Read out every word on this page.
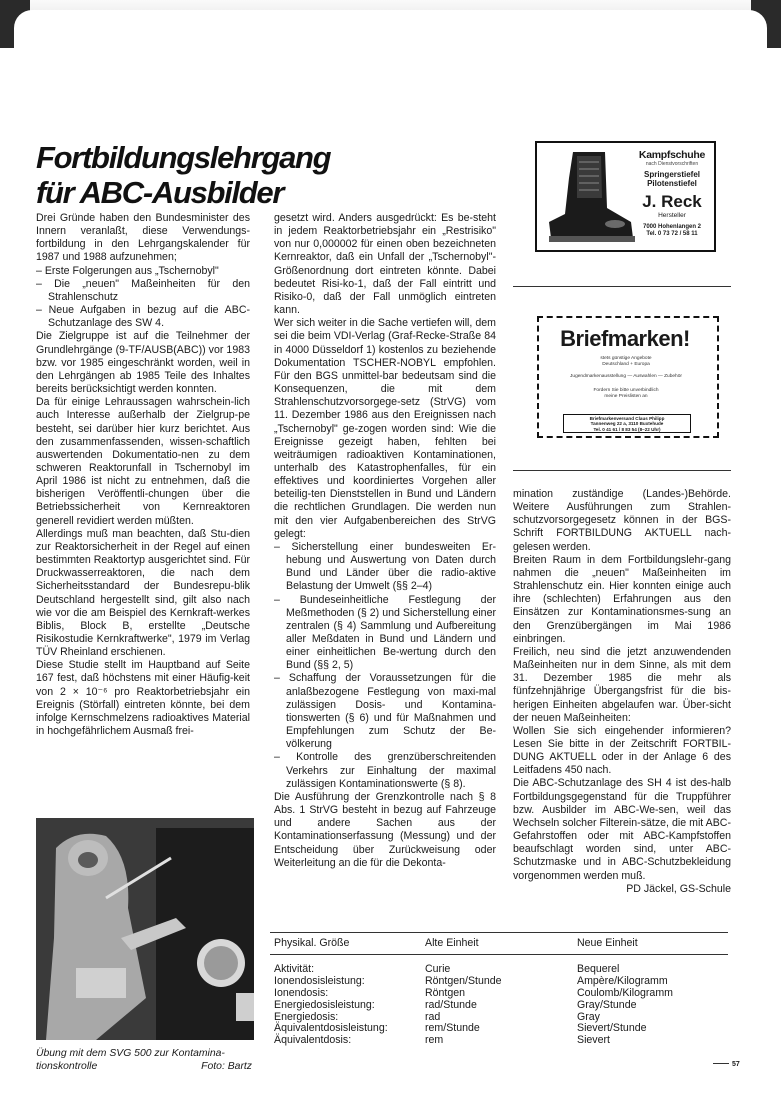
Fortbildungslehrgang
für ABC-Ausbilder

Drei Gründe haben den Bundesminister des Innern veranlaßt, diese Verwendungs-fortbildung in den Lehrgangskalender für 1987 und 1988 aufzunehmen;

– Erste Folgerungen aus „Tschernobyl"
– Die „neuen" Maßeinheiten für den Strahlenschutz
– Neue Aufgaben in bezug auf die ABC-Schutzanlage des SW 4.

Die Zielgruppe ist auf die Teilnehmer der Grundlehrgänge (9-TF/AUSB(ABC)) vor 1983 bzw. vor 1985 eingeschränkt worden, weil in den Lehrgängen ab 1985 Teile des Inhaltes bereits berücksichtigt werden konnten.

Da für einige Lehraussagen wahrschein-lich auch Interesse außerhalb der Zielgrup-pe besteht, sei darüber hier kurz berichtet. Aus den zusammenfassenden, wissen-schaftlich auswertenden Dokumentatio-nen zu dem schweren Reaktorunfall in Tschernobyl im April 1986 ist nicht zu entnehmen, daß die bisherigen Veröffentli-chungen über die Betriebssicherheit von Kernreaktoren generell revidiert werden müßten.

Allerdings muß man beachten, daß Stu-dien zur Reaktorsicherheit in der Regel auf einen bestimmten Reaktortyp ausgerichtet sind. Für Druckwasserreaktoren, die nach dem Sicherheitsstandard der Bundesrepu-blik Deutschland hergestellt sind, gilt also nach wie vor die am Beispiel des Kernkraft-werkes Biblis, Block B, erstellte „Deutsche Risikostudie Kernkraftwerke", 1979 im Verlag TÜV Rheinland erschienen.

Diese Studie stellt im Hauptband auf Seite 167 fest, daß höchstens mit einer Häufig-keit von 2 × 10⁻⁶ pro Reaktorbetriebsjahr ein Ereignis (Störfall) eintreten könnte, bei dem infolge Kernschmelzens radioaktives Material in hochgefährlichem Ausmaß frei-

gesetzt wird. Anders ausgedrückt: Es be-steht in jedem Reaktorbetriebsjahr ein „Restrisiko" von nur 0,000002 für einen oben bezeichneten Kernreaktor, daß ein Unfall der „Tschernobyl"-Größenordnung dort eintreten könnte. Dabei bedeutet Risi-ko-1, daß der Fall eintritt und Risiko-0, daß der Fall unmöglich eintreten kann.

Wer sich weiter in die Sache vertiefen will, dem sei die beim VDI-Verlag (Graf-Recke-Straße 84 in 4000 Düsseldorf 1) kostenlos zu beziehende Dokumentation TSCHER-NOBYL empfohlen. Für den BGS unmittel-bar bedeutsam sind die Konsequenzen, die mit dem Strahlenschutzvorsorgege-setz (StrVG) vom 11. Dezember 1986 aus den Ereignissen nach „Tschernobyl" ge-zogen worden sind: Wie die Ereignisse gezeigt haben, fehlten bei weiträumigen radioaktiven Kontaminationen, unterhalb des Katastrophenfalles, für ein effektives und koordiniertes Vorgehen aller beteilig-ten Dienststellen in Bund und Ländern die rechtlichen Grundlagen. Die werden nun mit den vier Aufgabenbereichen des StrVG gelegt:

– Sicherstellung einer bundesweiten Er-hebung und Auswertung von Daten durch Bund und Länder über die radio-aktive Belastung der Umwelt (§§ 2–4)
– Bundeseinheitliche Festlegung der Meßmethoden (§ 2) und Sicherstellung einer zentralen (§ 4) Sammlung und Aufbereitung aller Meßdaten in Bund und Ländern und einer einheitlichen Be-wertung durch den Bund (§§ 2, 5)
– Schaffung der Voraussetzungen für die anlaßbezogene Festlegung von maxi-mal zulässigen Dosis- und Kontamina-tionswerten (§ 6) und für Maßnahmen und Empfehlungen zum Schutz der Be-völkerung
– Kontrolle des grenzüberschreitenden Verkehrs zur Einhaltung der maximal zulässigen Kontaminationswerte (§ 8).

Die Ausführung der Grenzkontrolle nach § 8 Abs. 1 StrVG besteht in bezug auf Fahrzeuge und andere Sachen aus der Kontaminationserfassung (Messung) und der Entscheidung über Zurückweisung oder Weiterleitung an die für die Dekonta-

mination zuständige (Landes-)Behörde. Weitere Ausführungen zum Strahlen-schutzvorsorgegesetz können in der BGS-Schrift FORTBILDUNG AKTUELL nach-gelesen werden.

Breiten Raum in dem Fortbildungslehr-gang nahmen die „neuen" Maßeinheiten im Strahlenschutz ein. Hier konnten einige auch ihre (schlechten) Erfahrungen aus den Einsätzen zur Kontaminationsmes-sung an den Grenzübergängen im Mai 1986 einbringen.

Freilich, neu sind die jetzt anzuwendenden Maßeinheiten nur in dem Sinne, als mit dem 31. Dezember 1985 die mehr als fünfzehnjährige Übergangsfrist für die bis-herigen Einheiten abgelaufen war. Über-sicht der neuen Maßeinheiten:

Wollen Sie sich eingehender informieren? Lesen Sie bitte in der Zeitschrift FORTBIL-DUNG AKTUELL oder in der Anlage 6 des Leitfadens 450 nach.

Die ABC-Schutzanlage des SH 4 ist des-halb Fortbildungsgegenstand für die Truppführer bzw. Ausbilder im ABC-We-sen, weil das Wechseln solcher Filterein-sätze, die mit ABC-Gefahrstoffen oder mit ABC-Kampfstoffen beaufschlagt worden sind, unter ABC-Schutzmaske und in ABC-Schutzbekleidung vorgenommen werden muß.
PD Jäckel, GS-Schule

Kampfschuhe
nach Dienstvorschriften
Springerstiefel
Pilotenstiefel
J. Reck
Hersteller
7000 Hohenlangen 2
Tel. 0 73 72 / 58 11
Briefmarken!
stets günstige Angebote
Deutschland + Europa
Jugendmarkenausstellung — Auswahlen — Zubehör
Fordern Sie bitte unverbindlich
meine Preislisten an
Briefmarkenversand Claus Philipp
Tannenweg 22 a, 3110 Buxtehude
Tel. 0 41 61 / 8 83 54 (8–22 Uhr)
Übung mit dem SVG 500 zur Kontamina-tionskontrolle	Foto: Bartz
Physikal. Größe	Alte Einheit	Neue Einheit
Aktivität:	Curie	Bequerel
Ionendosisleistung:	Röntgen/Stunde	Ampère/Kilogramm
Ionendosis:	Röntgen	Coulomb/Kilogramm
Energiedosisleistung:	rad/Stunde	Gray/Stunde
Energiedosis:	rad	Gray
Äquivalentdosisleistung:	rem/Stunde	Sievert/Stunde
Äquivalentdosis:	rem	Sievert
57
